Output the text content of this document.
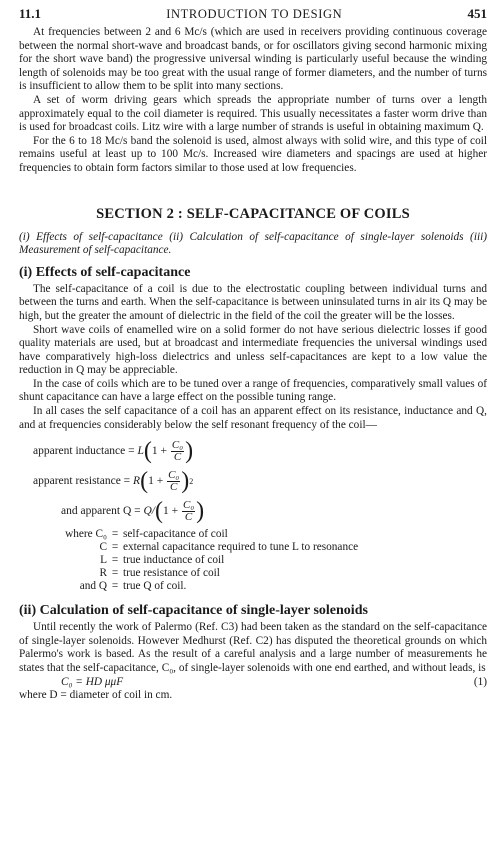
11.1	INTRODUCTION TO DESIGN	451

At frequencies between 2 and 6 Mc/s (which are used in receivers providing continuous coverage between the normal short-wave and broadcast bands, or for oscillators giving second harmonic mixing for the short wave band) the progressive universal winding is particularly useful because the winding length of solenoids may be too great with the usual range of former diameters, and the number of turns is insufficient to allow them to be split into many sections.

A set of worm driving gears which spreads the appropriate number of turns over a length approximately equal to the coil diameter is required. This usually necessitates a faster worm drive than is used for broadcast coils. Litz wire with a large number of strands is useful in obtaining maximum Q.

For the 6 to 18 Mc/s band the solenoid is used, almost always with solid wire, and this type of coil remains useful at least up to 100 Mc/s. Increased wire diameters and spacings are used at higher frequencies to obtain form factors similar to those used at low frequencies.

SECTION 2 : SELF-CAPACITANCE OF COILS

(i) Effects of self-capacitance (ii) Calculation of self-capacitance of single-layer solenoids (iii) Measurement of self-capacitance.

(i) Effects of self-capacitance

The self-capacitance of a coil is due to the electrostatic coupling between individual turns and between the turns and earth. When the self-capacitance is between uninsulated turns in air its Q may be high, but the greater the amount of dielectric in the field of the coil the greater will be the losses.

Short wave coils of enamelled wire on a solid former do not have serious dielectric losses if good quality materials are used, but at broadcast and intermediate frequencies the universal windings used have comparatively high-loss dielectrics and unless self-capacitances are kept to a low value the reduction in Q may be appreciable.

In the case of coils which are to be tuned over a range of frequencies, comparatively small values of shunt capacitance can have a large effect on the possible tuning range.

In all cases the self capacitance of a coil has an apparent effect on its resistance, inductance and Q, and at frequencies considerably below the self resonant frequency of the coil—

apparent inductance =
L ( 1 +
$\frac{\text{C₀}}{C}$ )
apparent resistance =
R ( 1 +
$\frac{\text{C₀}}{C}$ ) 2
and apparent Q =
Q/ ( 1 +
$\frac{\text{C₀}}{C}$ )
where C₀ = self-capacitance of coil
C = external capacitance required to tune L to resonance
L = true inductance of coil
R = true resistance of coil
and Q = true Q of coil.
(ii) Calculation of self-capacitance of single-layer solenoids

Until recently the work of Palermo (Ref. C3) had been taken as the standard on the self-capacitance of single-layer solenoids. However Medhurst (Ref. C2) has disputed the theoretical grounds on which Palermo's work is based. As the result of a careful analysis and a large number of measurements he states that the self-capacitance, C₀, of single-layer solenoids with one end earthed, and without leads, is

C₀ = HD μμF	(1)
where D = diameter of coil in cm.
